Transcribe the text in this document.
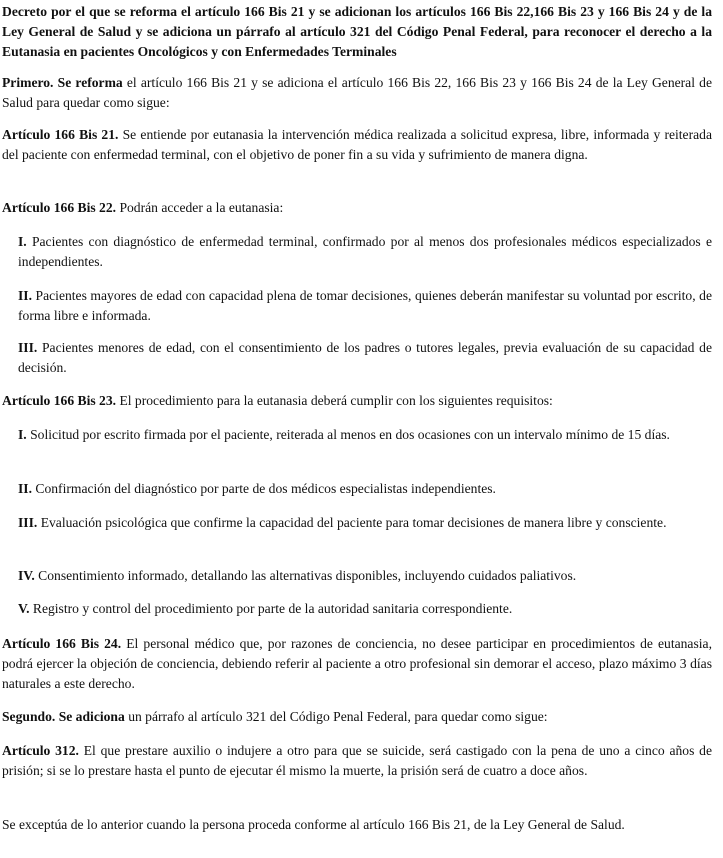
Decreto por el que se reforma el artículo 166 Bis 21 y se adicionan los artículos 166 Bis 22,166 Bis 23 y 166 Bis 24 y de la Ley General de Salud y se adiciona un párrafo al artículo 321 del Código Penal Federal, para reconocer el derecho a la Eutanasia en pacientes Oncológicos y con Enfermedades Terminales

Primero. Se reforma el artículo 166 Bis 21 y se adiciona el artículo 166 Bis 22, 166 Bis 23 y 166 Bis 24 de la Ley General de Salud para quedar como sigue:

Artículo 166 Bis 21. Se entiende por eutanasia la intervención médica realizada a solicitud expresa, libre, informada y reiterada del paciente con enfermedad terminal, con el objetivo de poner fin a su vida y sufrimiento de manera digna.

Artículo 166 Bis 22. Podrán acceder a la eutanasia:

I. Pacientes con diagnóstico de enfermedad terminal, confirmado por al menos dos profesionales médicos especializados e independientes.

II. Pacientes mayores de edad con capacidad plena de tomar decisiones, quienes deberán manifestar su voluntad por escrito, de forma libre e informada.

III. Pacientes menores de edad, con el consentimiento de los padres o tutores legales, previa evaluación de su capacidad de decisión.

Artículo 166 Bis 23. El procedimiento para la eutanasia deberá cumplir con los siguientes requisitos:

I. Solicitud por escrito firmada por el paciente, reiterada al menos en dos ocasiones con un intervalo mínimo de 15 días.

II. Confirmación del diagnóstico por parte de dos médicos especialistas independientes.

III. Evaluación psicológica que confirme la capacidad del paciente para tomar decisiones de manera libre y consciente.

IV. Consentimiento informado, detallando las alternativas disponibles, incluyendo cuidados paliativos.

V. Registro y control del procedimiento por parte de la autoridad sanitaria correspondiente.

Artículo 166 Bis 24. El personal médico que, por razones de conciencia, no desee participar en procedimientos de eutanasia, podrá ejercer la objeción de conciencia, debiendo referir al paciente a otro profesional sin demorar el acceso, plazo máximo 3 días naturales a este derecho.

Segundo. Se adiciona un párrafo al artículo 321 del Código Penal Federal, para quedar como sigue:

Artículo 312. El que prestare auxilio o indujere a otro para que se suicide, será castigado con la pena de uno a cinco años de prisión; si se lo prestare hasta el punto de ejecutar él mismo la muerte, la prisión será de cuatro a doce años.

Se exceptúa de lo anterior cuando la persona proceda conforme al artículo 166 Bis 21, de la Ley General de Salud.
